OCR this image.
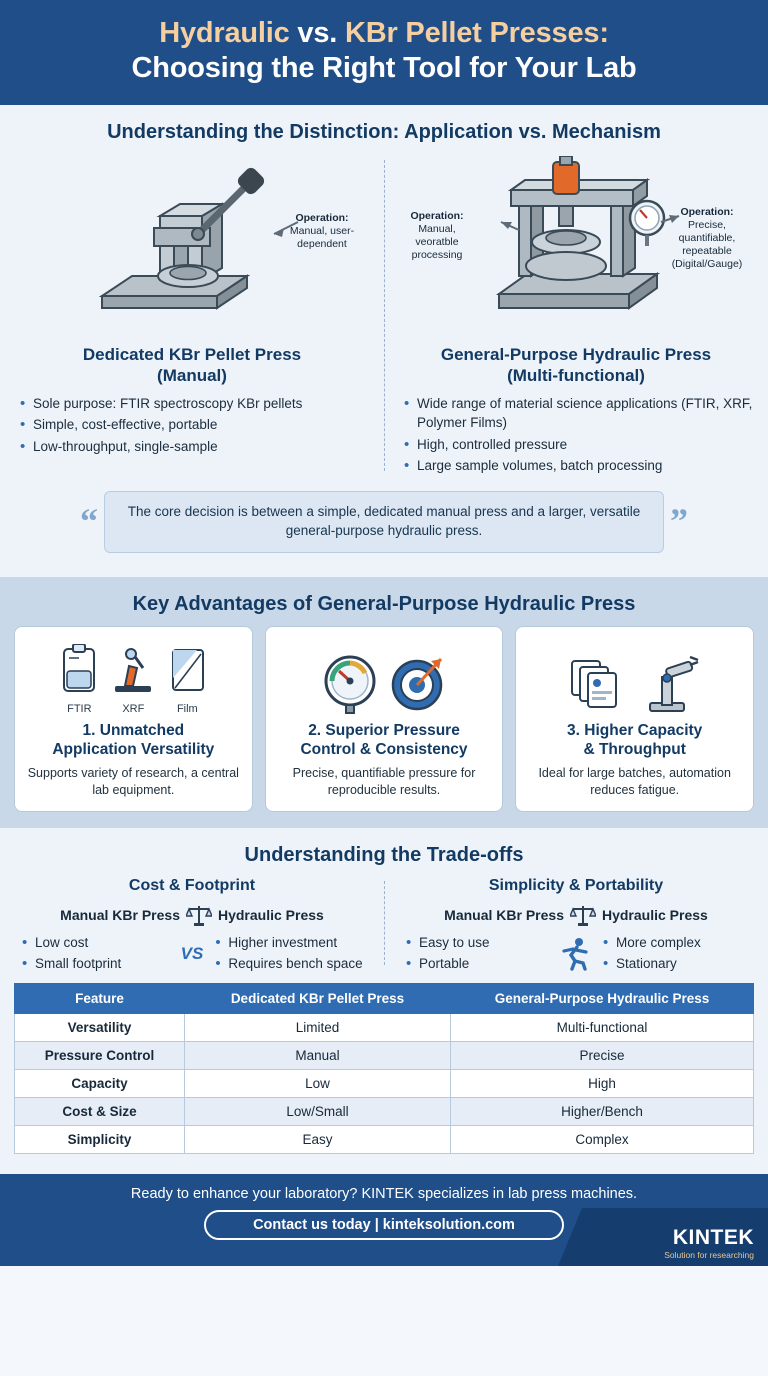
Hydraulic vs. KBr Pellet Presses:
Choosing the Right Tool for Your Lab
Understanding the Distinction: Application vs. Mechanism
Operation:
Manual, user-dependent
Dedicated KBr Pellet Press
(Manual)
• Sole purpose: FTIR spectroscopy KBr pellets
• Simple, cost-effective, portable
• Low-throughput, single-sample
Operation:
Manual, veoratble processing
Operation:
Precise, quantifiable, repeatable (Digital/Gauge)
General-Purpose Hydraulic Press
(Multi-functional)
• Wide range of material science applications (FTIR, XRF, Polymer Films)
• High, controlled pressure
• Large sample volumes, batch processing
“	The core decision is between a simple, dedicated manual press and a larger, versatile general-purpose hydraulic press.	”
Key Advantages of General-Purpose Hydraulic Press
FTIR	XRF	Film
1. Unmatched
Application Versatility

Supports variety of research, a central lab equipment.

2. Superior Pressure
Control & Consistency

Precise, quantifiable pressure for reproducible results.

3. Higher Capacity
& Throughput

Ideal for large batches, automation reduces fatigue.

Understanding the Trade-offs
Cost & Footprint
Manual KBr Press	Hydraulic Press
• Low cost
• Small footprint
VS
• Higher investment
• Requires bench space
Simplicity & Portability
Manual KBr Press	Hydraulic Press
• Easy to use
• Portable
• More complex
• Stationary
Feature	Dedicated KBr Pellet Press	General-Purpose Hydraulic Press
Versatility	Limited	Multi-functional
Pressure Control	Manual	Precise
Capacity	Low	High
Cost & Size	Low/Small	Higher/Bench
Simplicity	Easy	Complex

Ready to enhance your laboratory? KINTEK specializes in lab press machines.

Contact us today | kinteksolution.com
KINTEK
Solution for researching
